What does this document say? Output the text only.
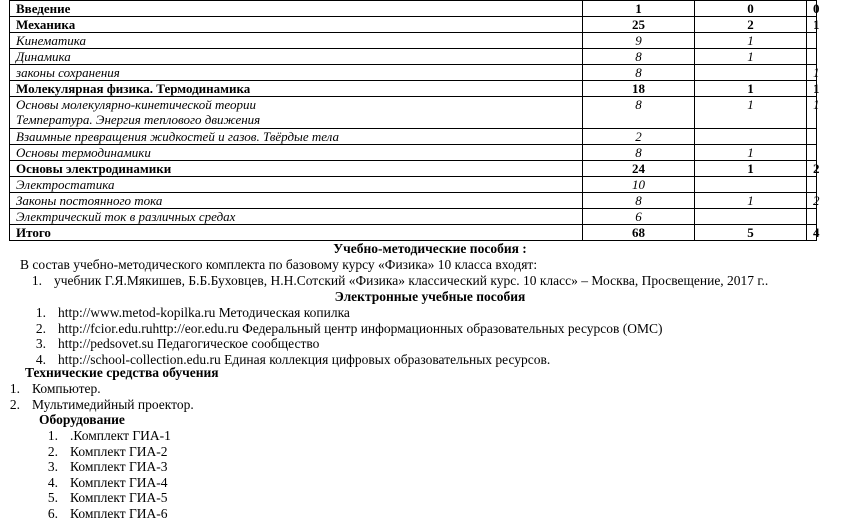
Введение	1	0	0
Механика	25	2	1
Кинематика	9	1	
Динамика	8	1	
законы сохранения	8		1
Молекулярная физика. Термодинамика	18	1	1

Основы молекулярно-кинетической теории
Температура. Энергия теплового движения	8	1	1
Взаимные превращения жидкостей и газов. Твёрдые тела	2		
Основы термодинамики	8	1	
Основы электродинамики	24	1	2
Электростатика	10		
Законы постоянного тока	8	1	2
Электрический ток в различных средах	6		
Итого	68	5	4
Учебно-методические пособия :
В состав учебно-методического комплекта по базовому курсу «Физика» 10 класса входят:
1. учебник Г.Я.Мякишев, Б.Б.Буховцев, Н.Н.Сотский «Физика» классический курс. 10 класс» – Москва, Просвещение, 2017 г..
Электронные учебные пособия
1. http://www.metod-kopilka.ru Методическая копилка
2. http://fcior.edu.ruhttp://eor.edu.ru Федеральный центр информационных образовательных ресурсов (ОМС)
3. http://pedsovet.su Педагогическое сообщество
4. http://school-collection.edu.ru Единая коллекция цифровых образовательных ресурсов.
Технические средства обучения
1. Компьютер.
2. Мультимедийный проектор.
Оборудование
1. .Комплект ГИА-1
2. Комплект ГИА-2
3. Комплект ГИА-3
4. Комплект ГИА-4
5. Комплект ГИА-5
6. Комплект ГИА-6
